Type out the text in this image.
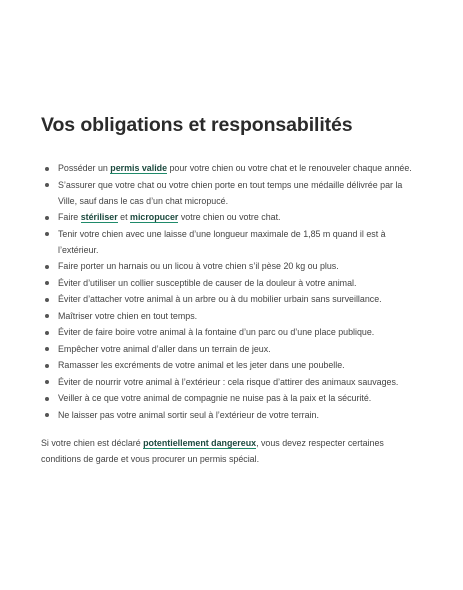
Vos obligations et responsabilités
Posséder un permis valide pour votre chien ou votre chat et le renouveler chaque année.
S’assurer que votre chat ou votre chien porte en tout temps une médaille délivrée par la Ville, sauf dans le cas d’un chat micropucé.
Faire stériliser et micropucer votre chien ou votre chat.
Tenir votre chien avec une laisse d’une longueur maximale de 1,85 m quand il est à l’extérieur.
Faire porter un harnais ou un licou à votre chien s’il pèse 20 kg ou plus.
Éviter d’utiliser un collier susceptible de causer de la douleur à votre animal.
Éviter d’attacher votre animal à un arbre ou à du mobilier urbain sans surveillance.
Maîtriser votre chien en tout temps.
Éviter de faire boire votre animal à la fontaine d’un parc ou d’une place publique.
Empêcher votre animal d’aller dans un terrain de jeux.
Ramasser les excréments de votre animal et les jeter dans une poubelle.
Éviter de nourrir votre animal à l’extérieur : cela risque d’attirer des animaux sauvages.
Veiller à ce que votre animal de compagnie ne nuise pas à la paix et la sécurité.
Ne laisser pas votre animal sortir seul à l’extérieur de votre terrain.

Si votre chien est déclaré potentiellement dangereux, vous devez respecter certaines conditions de garde et vous procurer un permis spécial.
